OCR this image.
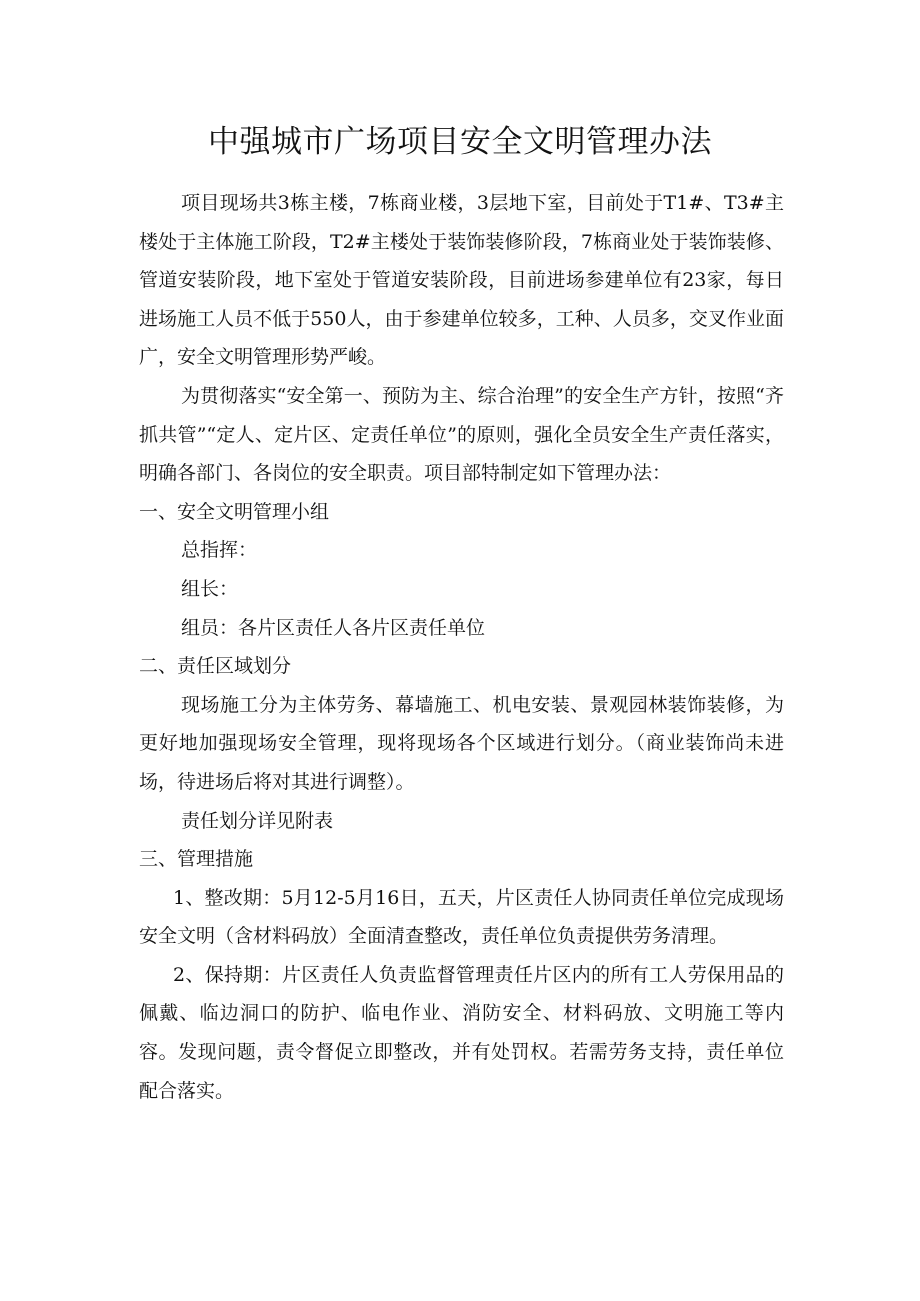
中强城市广场项目安全文明管理办法

项目现场共3栋主楼，7栋商业楼，3层地下室，目前处于T1#、T3#主楼处于主体施工阶段，T2#主楼处于装饰装修阶段，7栋商业处于装饰装修、管道安装阶段，地下室处于管道安装阶段，目前进场参建单位有23家，每日进场施工人员不低于550人，由于参建单位较多，工种、人员多，交叉作业面广，安全文明管理形势严峻。

为贯彻落实“安全第一、预防为主、综合治理”的安全生产方针，按照“齐抓共管”“定人、定片区、定责任单位”的原则，强化全员安全生产责任落实，明确各部门、各岗位的安全职责。项目部特制定如下管理办法：

一、安全文明管理小组

总指挥：

组长：

组员：各片区责任人各片区责任单位

二、责任区域划分

现场施工分为主体劳务、幕墙施工、机电安装、景观园林装饰装修，为更好地加强现场安全管理，现将现场各个区域进行划分。（商业装饰尚未进场，待进场后将对其进行调整）。

责任划分详见附表

三、管理措施

1、整改期：5月12-5月16日，五天，片区责任人协同责任单位完成现场安全文明（含材料码放）全面清查整改，责任单位负责提供劳务清理。

2、保持期：片区责任人负责监督管理责任片区内的所有工人劳保用品的佩戴、临边洞口的防护、临电作业、消防安全、材料码放、文明施工等内容。发现问题，责令督促立即整改，并有处罚权。若需劳务支持，责任单位配合落实。
